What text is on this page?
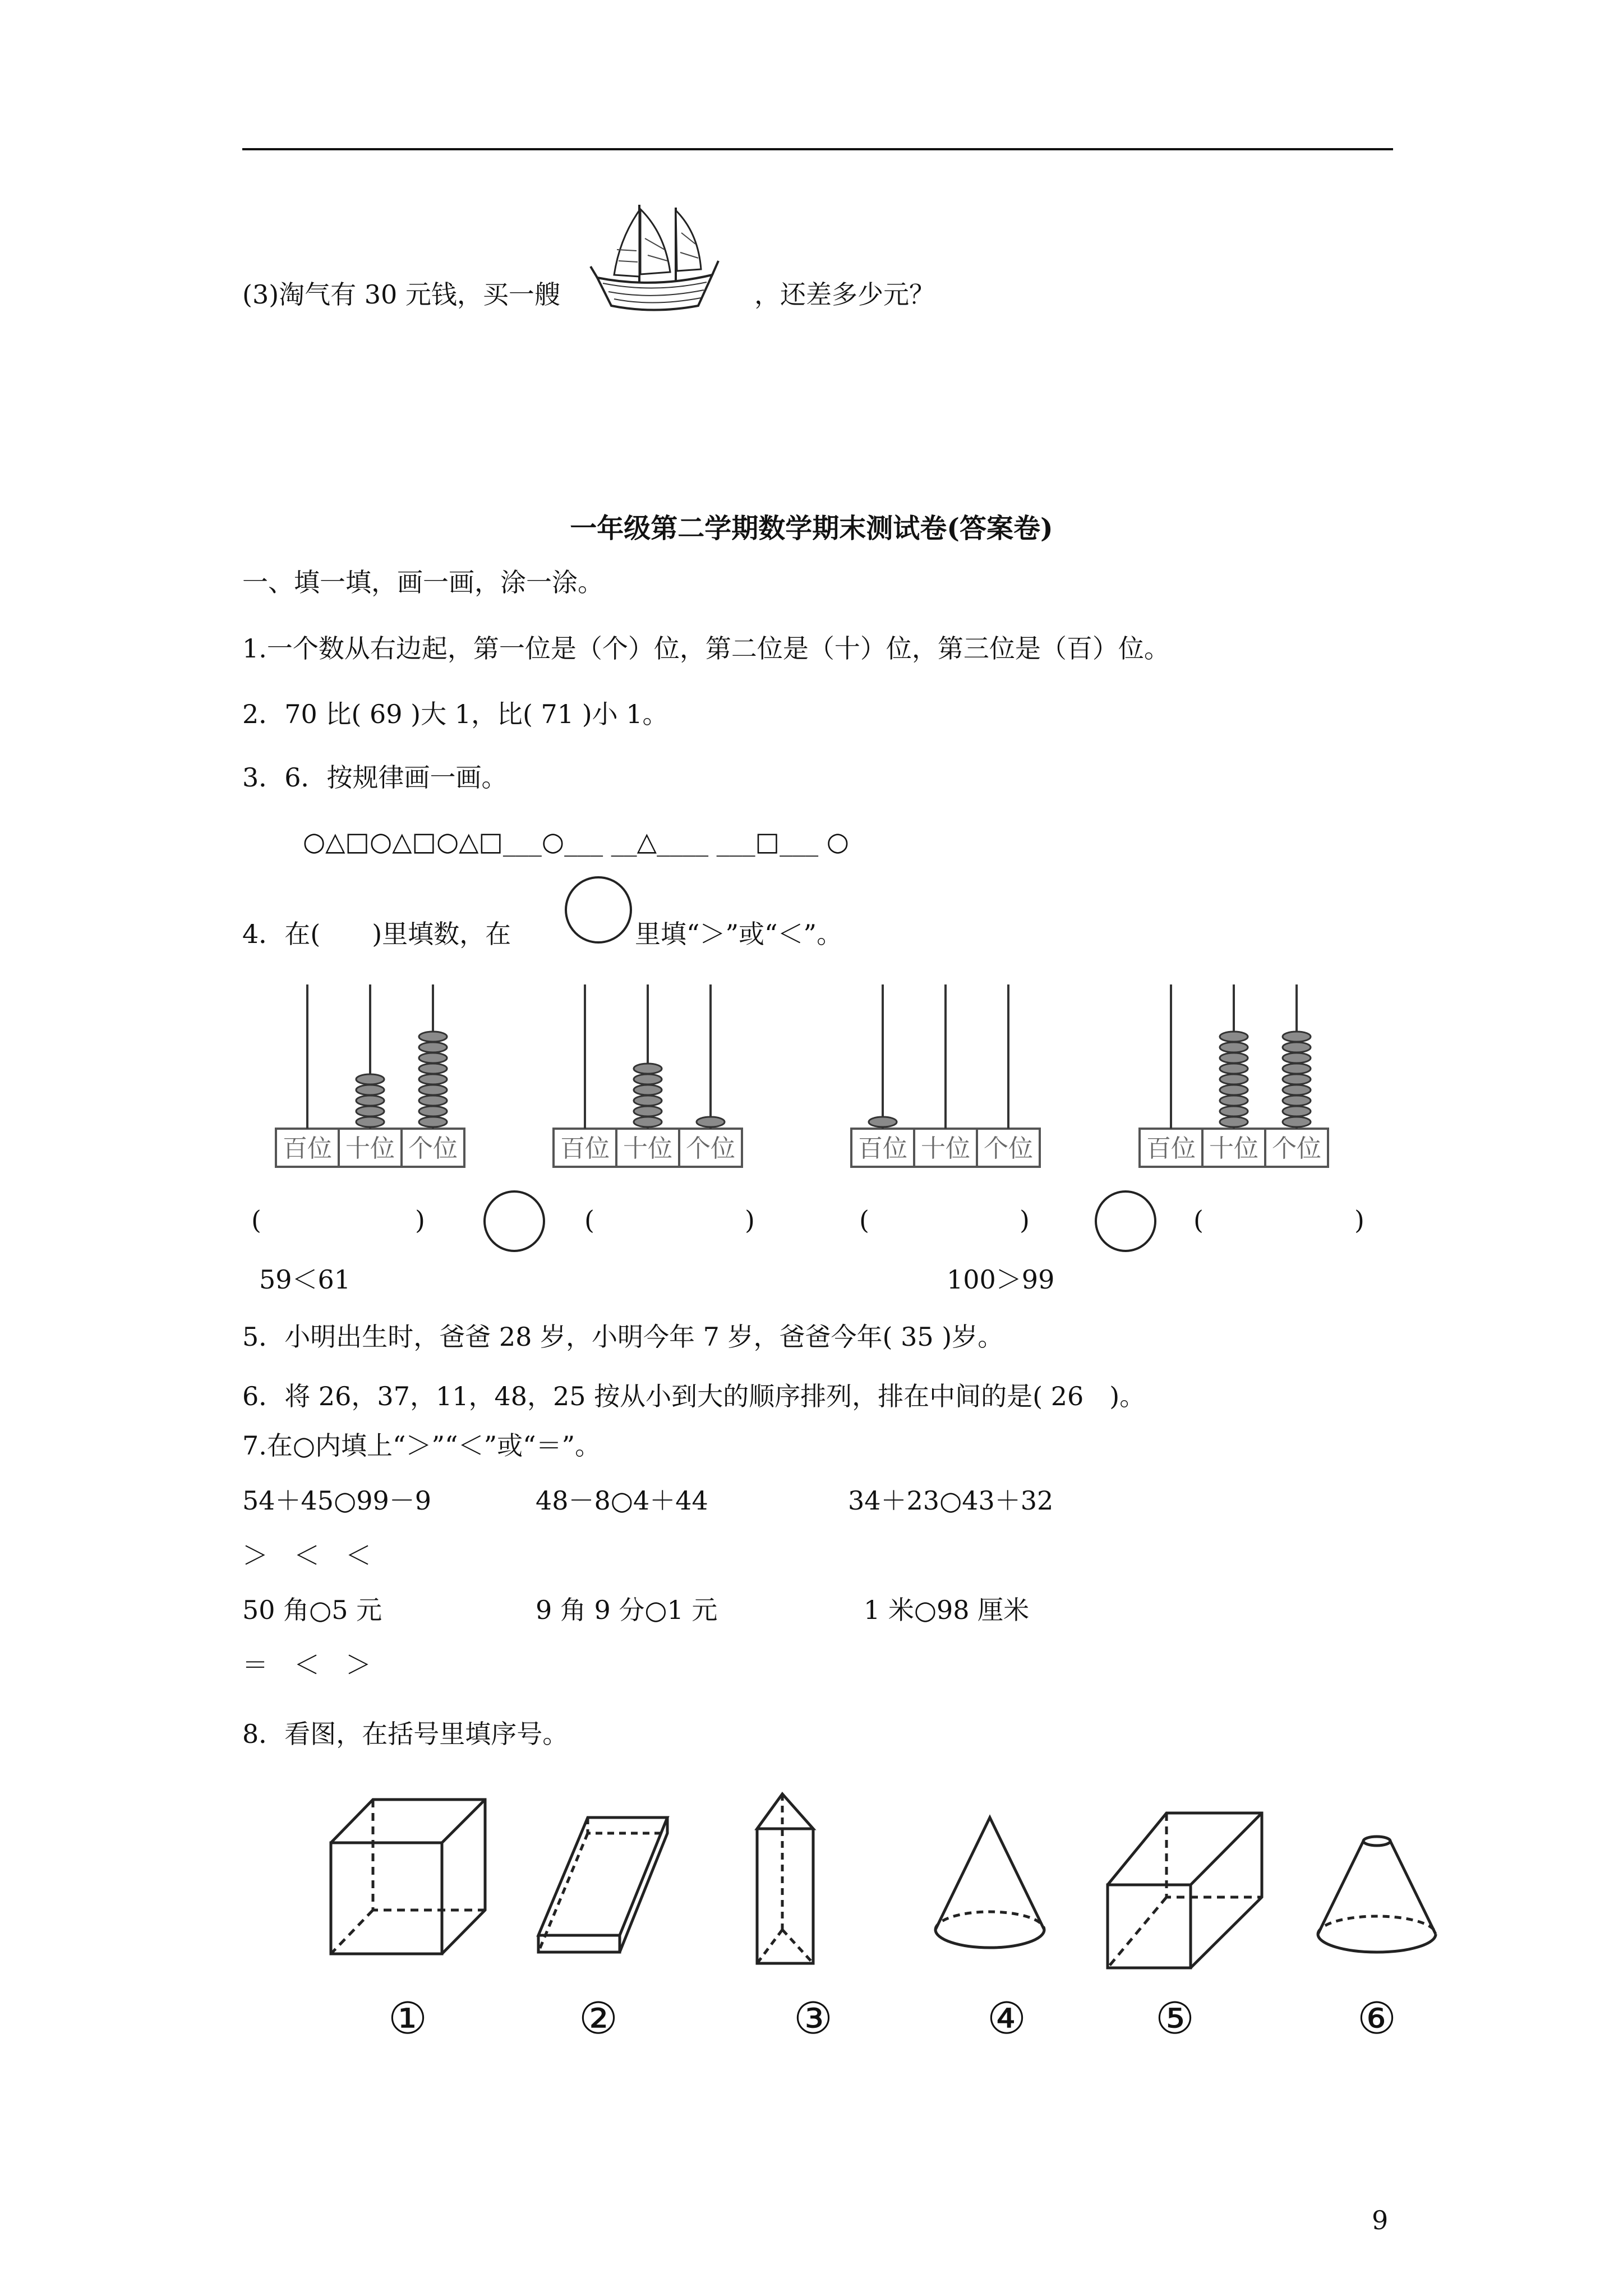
(3)淘气有 30 元钱，买一艘	，还差多少元？
一年级第二学期数学期末测试卷(答案卷)
一、填一填，画一画，涂一涂。
1.一个数从右边起，第一位是（个）位，第二位是（十）位，第三位是（百）位。
2．70 比( 69 )大 1，比( 71 )小 1。
3．6．按规律画一画。
○△□○△□○△□___○___ __△____ ___□___ ○
4．在(　　)里填数，在	里填“＞”或“＜”。
百位 十位 个位	百位 十位 个位	百位 十位 个位	百位 十位 个位
(	)	(	)	(	)	(	)
59＜61	100＞99
5．小明出生时，爸爸 28 岁，小明今年 7 岁，爸爸今年( 35 )岁。
6．将 26，37，11，48，25 按从小到大的顺序排列，排在中间的是( 26　)。
7.在○内填上“＞”“＜”或“＝”。
54＋45○99－9	48－8○4＋44	34＋23○43＋32
＞　＜　＜
50 角○5 元	9 角 9 分○1 元	1 米○98 厘米
＝　＜　＞
8．看图，在括号里填序号。
①	②	③	④	⑤	⑥
9
